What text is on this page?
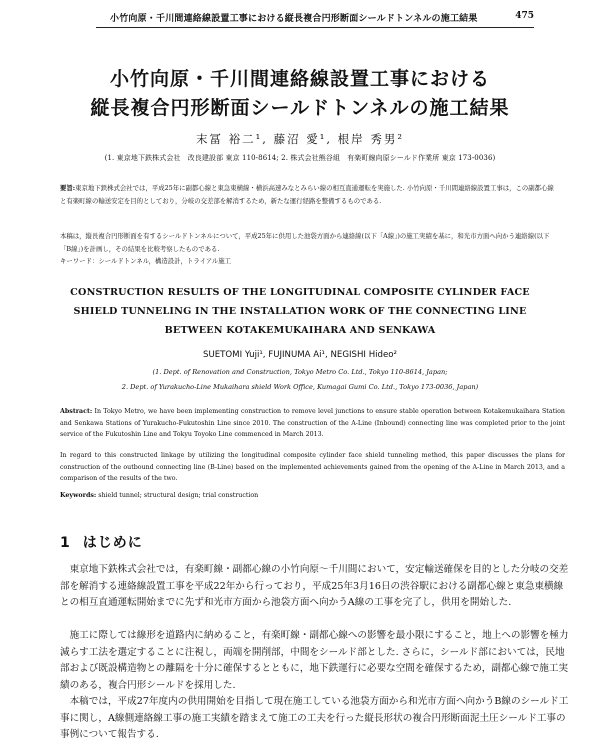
小竹向原・千川間連絡線設置工事における縦長複合円形断面シールドトンネルの施工結果	475
小竹向原・千川間連絡線設置工事における
縦長複合円形断面シールドトンネルの施工結果
末冨 裕二¹, 藤沼 愛¹, 根岸 秀男²
(1. 東京地下鉄株式会社　改良建設部 東京 110-8614; 2. 株式会社熊谷組　有楽町線向原シールド作業所 東京 173-0036)
要旨:東京地下鉄株式会社では，平成25年に副都心線と東急東横線・横浜高速みなとみらい線の相互直通運転を実施した. 小竹向原・千川間連絡線設置工事は，この副都心線と有楽町線の輸送安定を目的としており，分岐の交差部を解消するため，新たな運行経路を整備するものである.
本稿は，縦長複合円形断面を有するシールドトンネルについて，平成25年に供用した池袋方面から連絡線(以下「A線」)の施工実績を基に，和光市方面へ向かう連絡線(以下「B線」)を計画し，その結果を比較考察したものである.
キーワード：シールドトンネル，構造設計，トライアル施工
CONSTRUCTION RESULTS OF THE LONGITUDINAL COMPOSITE CYLINDER FACE
SHIELD TUNNELING IN THE INSTALLATION WORK OF THE CONNECTING LINE
BETWEEN KOTAKEMUKAIHARA AND SENKAWA
SUETOMI Yuji¹, FUJINUMA Ai¹, NEGISHI Hideo²
(1. Dept. of Renovation and Construction, Tokyo Metro Co. Ltd., Tokyo 110-8614, Japan;
2. Dept. of Yurakucho-Line Mukaihara shield Work Office, Kumagai Gumi Co. Ltd., Tokyo 173-0036, Japan)
Abstract: In Tokyo Metro, we have been implementing construction to remove level junctions to ensure stable operation between Kotakemukaihara Station and Senkawa Stations of Yurakucho-Fukutoshin Line since 2010. The construction of the A-Line (Inbound) connecting line was completed prior to the joint service of the Fukutoshin Line and Tokyu Toyoko Line commenced in March 2013.
In regard to this constructed linkage by utilizing the longitudinal composite cylinder face shield tunneling method, this paper discusses the plans for construction of the outbound connecting line (B-Line) based on the implemented achievements gained from the opening of the A-Line in March 2013, and a comparison of the results of the two.
Keywords: shield tunnel; structural design; trial construction
1 はじめに
東京地下鉄株式会社では，有楽町線・副都心線の小竹向原〜千川間において，安定輸送確保を目的とした分岐の交差部を解消する連絡線設置工事を平成22年から行っており，平成25年3月16日の渋谷駅における副都心線と東急東横線との相互直通運転開始までに先ず和光市方面から池袋方面へ向かうA線の工事を完了し，供用を開始した.
施工に際しては線形を道路内に納めること，有楽町線・副都心線への影響を最小限にすること，地上への影響を極力減らす工法を選定することに注視し，両端を開削部，中間をシールド部とした. さらに，シールド部においては，民地部および既設構造物との離隔を十分に確保するとともに，地下鉄運行に必要な空間を確保するため，副都心線で施工実績のある，複合円形シールドを採用した.
本稿では，平成27年度内の供用開始を目指して現在施工している池袋方面から和光市方面へ向かうB線のシールド工事に関し，A線側連絡線工事の施工実績を踏まえて施工の工夫を行った縦長形状の複合円形断面泥土圧シールド工事の事例について報告する.
